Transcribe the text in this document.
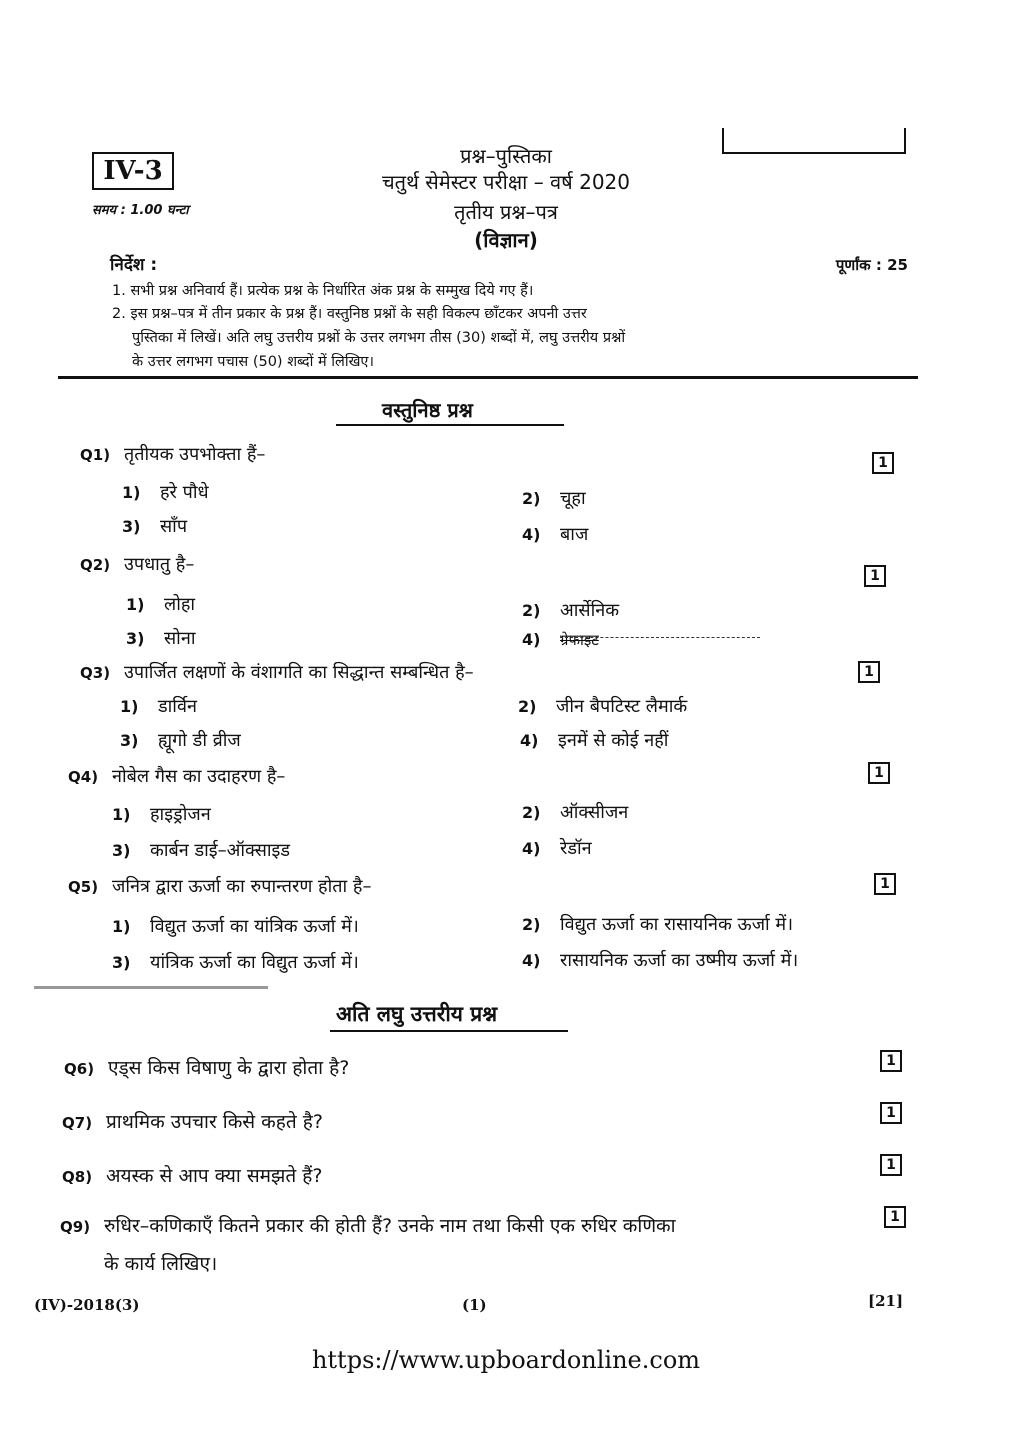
IV-3
समय : 1.00 घन्टा
प्रश्न–पुस्तिका
चतुर्थ सेमेस्टर परीक्षा – वर्ष 2020
तृतीय प्रश्न–पत्र
(विज्ञान)
निर्देश :	पूर्णांक : 25
1. सभी प्रश्न अनिवार्य हैं। प्रत्येक प्रश्न के निर्धारित अंक प्रश्न के सम्मुख दिये गए हैं।
2. इस प्रश्न–पत्र में तीन प्रकार के प्रश्न हैं। वस्तुनिष्ठ प्रश्नों के सही विकल्प छाँटकर अपनी उत्तर
पुस्तिका में लिखें। अति लघु उत्तरीय प्रश्नों के उत्तर लगभग तीस (30) शब्दों में, लघु उत्तरीय प्रश्नों
के उत्तर लगभग पचास (50) शब्दों में लिखिए।
वस्तुनिष्ठ प्रश्न
Q1) तृतीयक उपभोक्ता हैं–	1
1) हरे पौधे	2) चूहा
3) साँप	4) बाज
Q2) उपधातु है–
1
1) लोहा	2) आर्सेनिक
3) सोना	4) ग्रेफाइट
Q3) उपार्जित लक्षणों के वंशागति का सिद्धान्त सम्बन्धित है–	1
1) डार्विन	2) जीन बैपटिस्ट लैमार्क
3) ह्यूगो डी व्रीज	4) इनमें से कोई नहीं
Q4) नोबेल गैस का उदाहरण है–	1
1) हाइड्रोजन	2) ऑक्सीजन
3) कार्बन डाई–ऑक्साइड	4) रेडॉन
Q5) जनित्र द्वारा ऊर्जा का रुपान्तरण होता है–	1
1) विद्युत ऊर्जा का यांत्रिक ऊर्जा में।	2) विद्युत ऊर्जा का रासायनिक ऊर्जा में।
3) यांत्रिक ऊर्जा का विद्युत ऊर्जा में।	4) रासायनिक ऊर्जा का उष्मीय ऊर्जा में।
अति लघु उत्तरीय प्रश्न
Q6) एड्स किस विषाणु के द्वारा होता है?	1
Q7) प्राथमिक उपचार किसे कहते है?	1
Q8) अयस्क से आप क्या समझते हैं?	1
Q9) रुधिर–कणिकाएँ कितने प्रकार की होती हैं? उनके नाम तथा किसी एक रुधिर कणिका
के कार्य लिखिए।
1
(IV)-2018(3)	(1)	[21]
https://www.upboardonline.com
